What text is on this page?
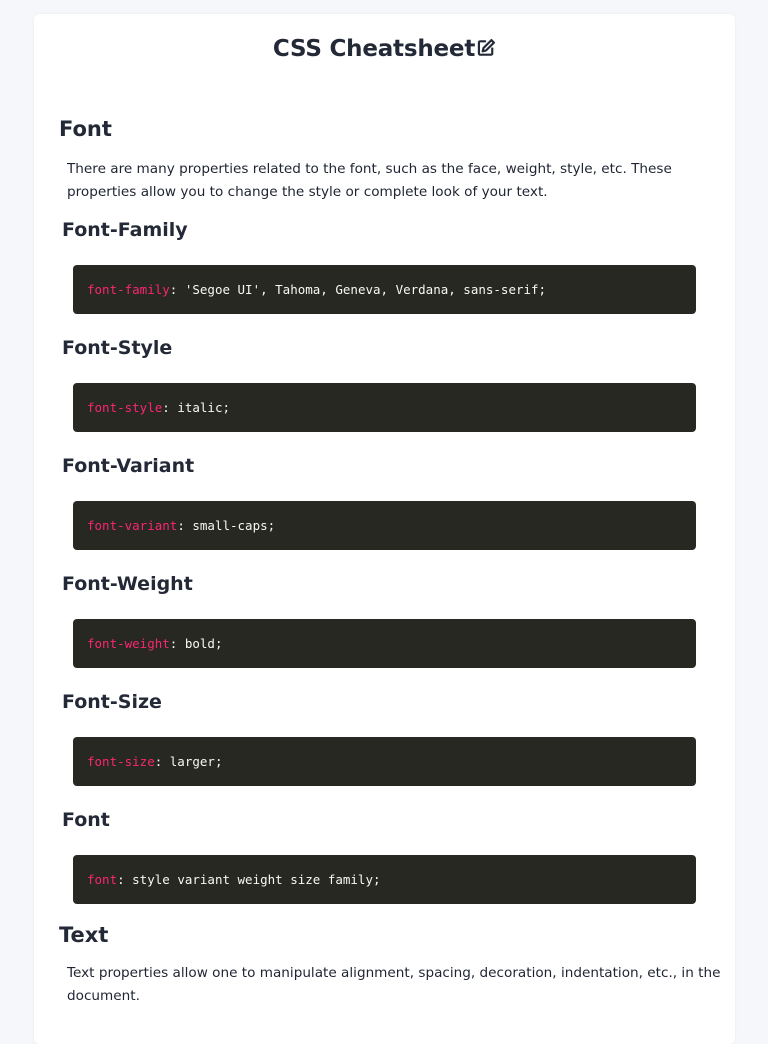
CSS Cheatsheet
Font

There are many properties related to the font, such as the face, weight, style, etc. These properties allow you to change the style or complete look of your text.

Font-Family
font-family: 'Segoe UI', Tahoma, Geneva, Verdana, sans-serif;
Font-Style
font-style: italic;
Font-Variant
font-variant: small-caps;
Font-Weight
font-weight: bold;
Font-Size
font-size: larger;
Font
font: style variant weight size family;
Text

Text properties allow one to manipulate alignment, spacing, decoration, indentation, etc., in the document.
